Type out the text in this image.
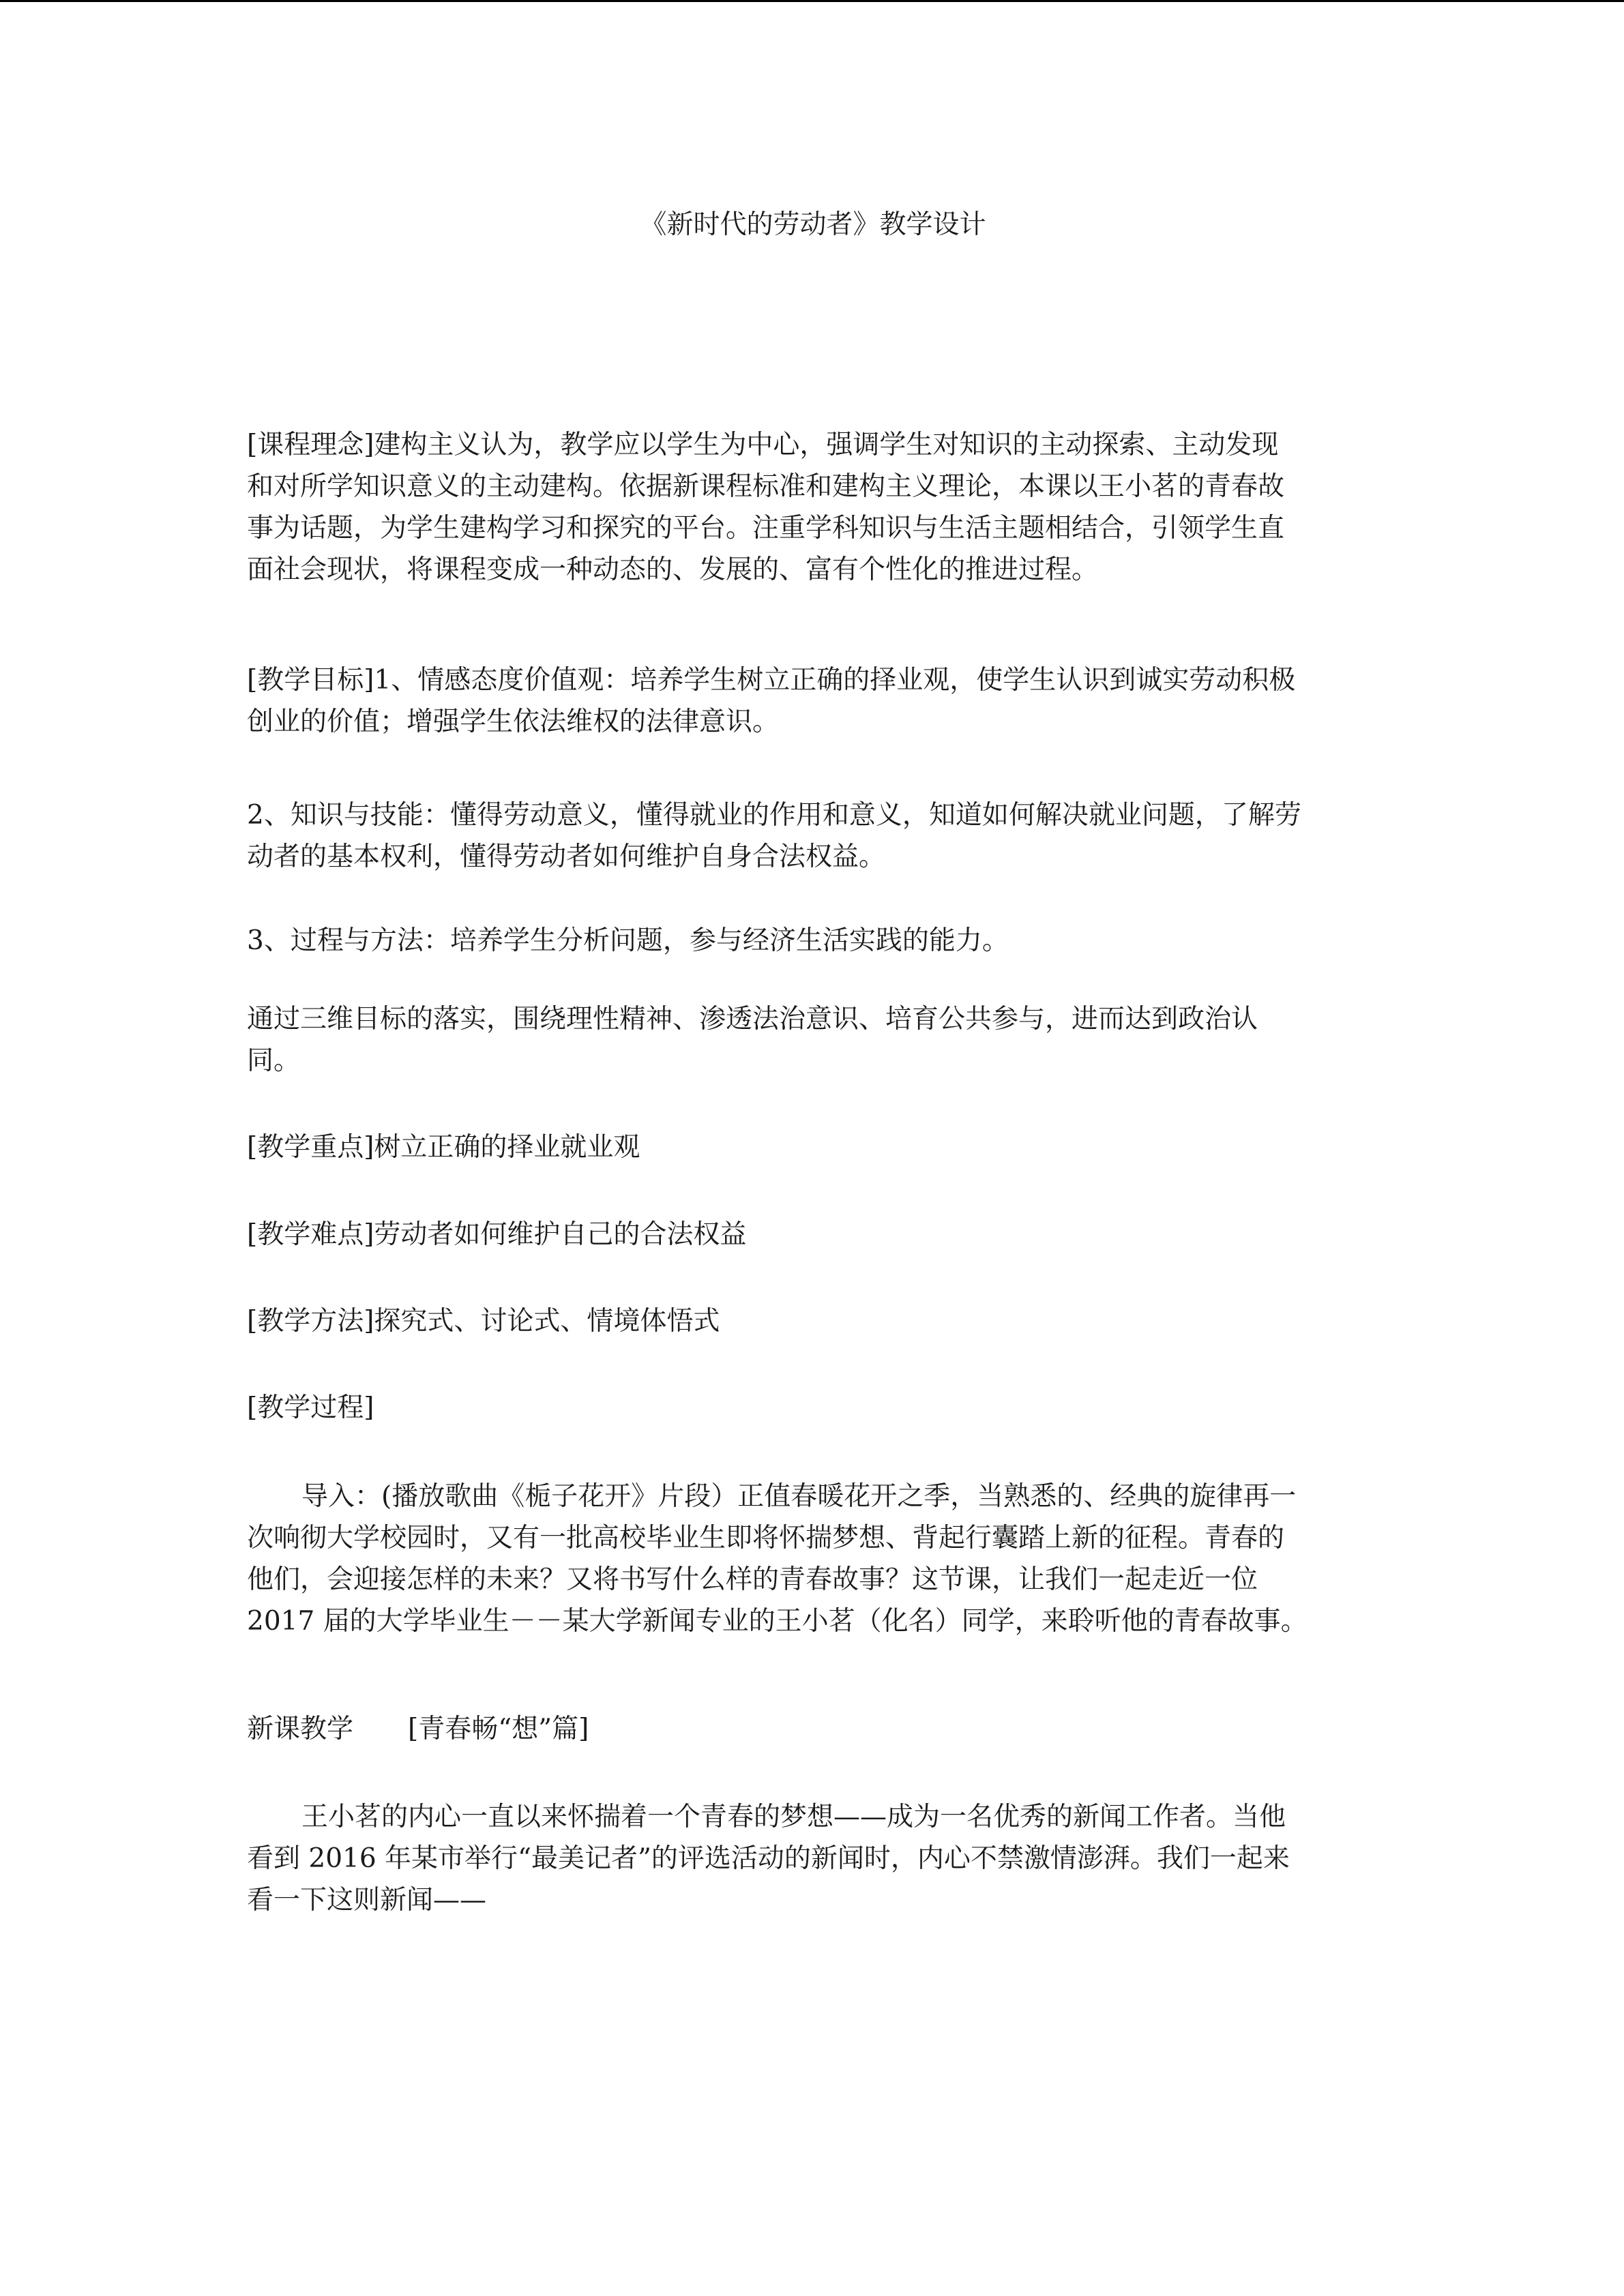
《新时代的劳动者》教学设计

[课程理念]建构主义认为，教学应以学生为中心，强调学生对知识的主动探索、主动发现
和对所学知识意义的主动建构。依据新课程标准和建构主义理论，本课以王小茗的青春故
事为话题，为学生建构学习和探究的平台。注重学科知识与生活主题相结合，引领学生直
面社会现状，将课程变成一种动态的、发展的、富有个性化的推进过程。

[教学目标]1、情感态度价值观：培养学生树立正确的择业观，使学生认识到诚实劳动积极
创业的价值；增强学生依法维权的法律意识。

2、知识与技能：懂得劳动意义，懂得就业的作用和意义，知道如何解决就业问题，了解劳
动者的基本权利，懂得劳动者如何维护自身合法权益。

3、过程与方法：培养学生分析问题，参与经济生活实践的能力。

通过三维目标的落实，围绕理性精神、渗透法治意识、培育公共参与，进而达到政治认
同。

[教学重点]树立正确的择业就业观

[教学难点]劳动者如何维护自己的合法权益

[教学方法]探究式、讨论式、情境体悟式

[教学过程]

导入：(播放歌曲《栀子花开》片段）正值春暖花开之季，当熟悉的、经典的旋律再一
次响彻大学校园时，又有一批高校毕业生即将怀揣梦想、背起行囊踏上新的征程。青春的
他们，会迎接怎样的未来？又将书写什么样的青春故事？这节课，让我们一起走近一位
2017 届的大学毕业生－－某大学新闻专业的王小茗（化名）同学，来聆听他的青春故事。

新课教学 [青春畅“想”篇]

王小茗的内心一直以来怀揣着一个青春的梦想——成为一名优秀的新闻工作者。当他
看到 2016 年某市举行“最美记者”的评选活动的新闻时，内心不禁激情澎湃。我们一起来
看一下这则新闻——
